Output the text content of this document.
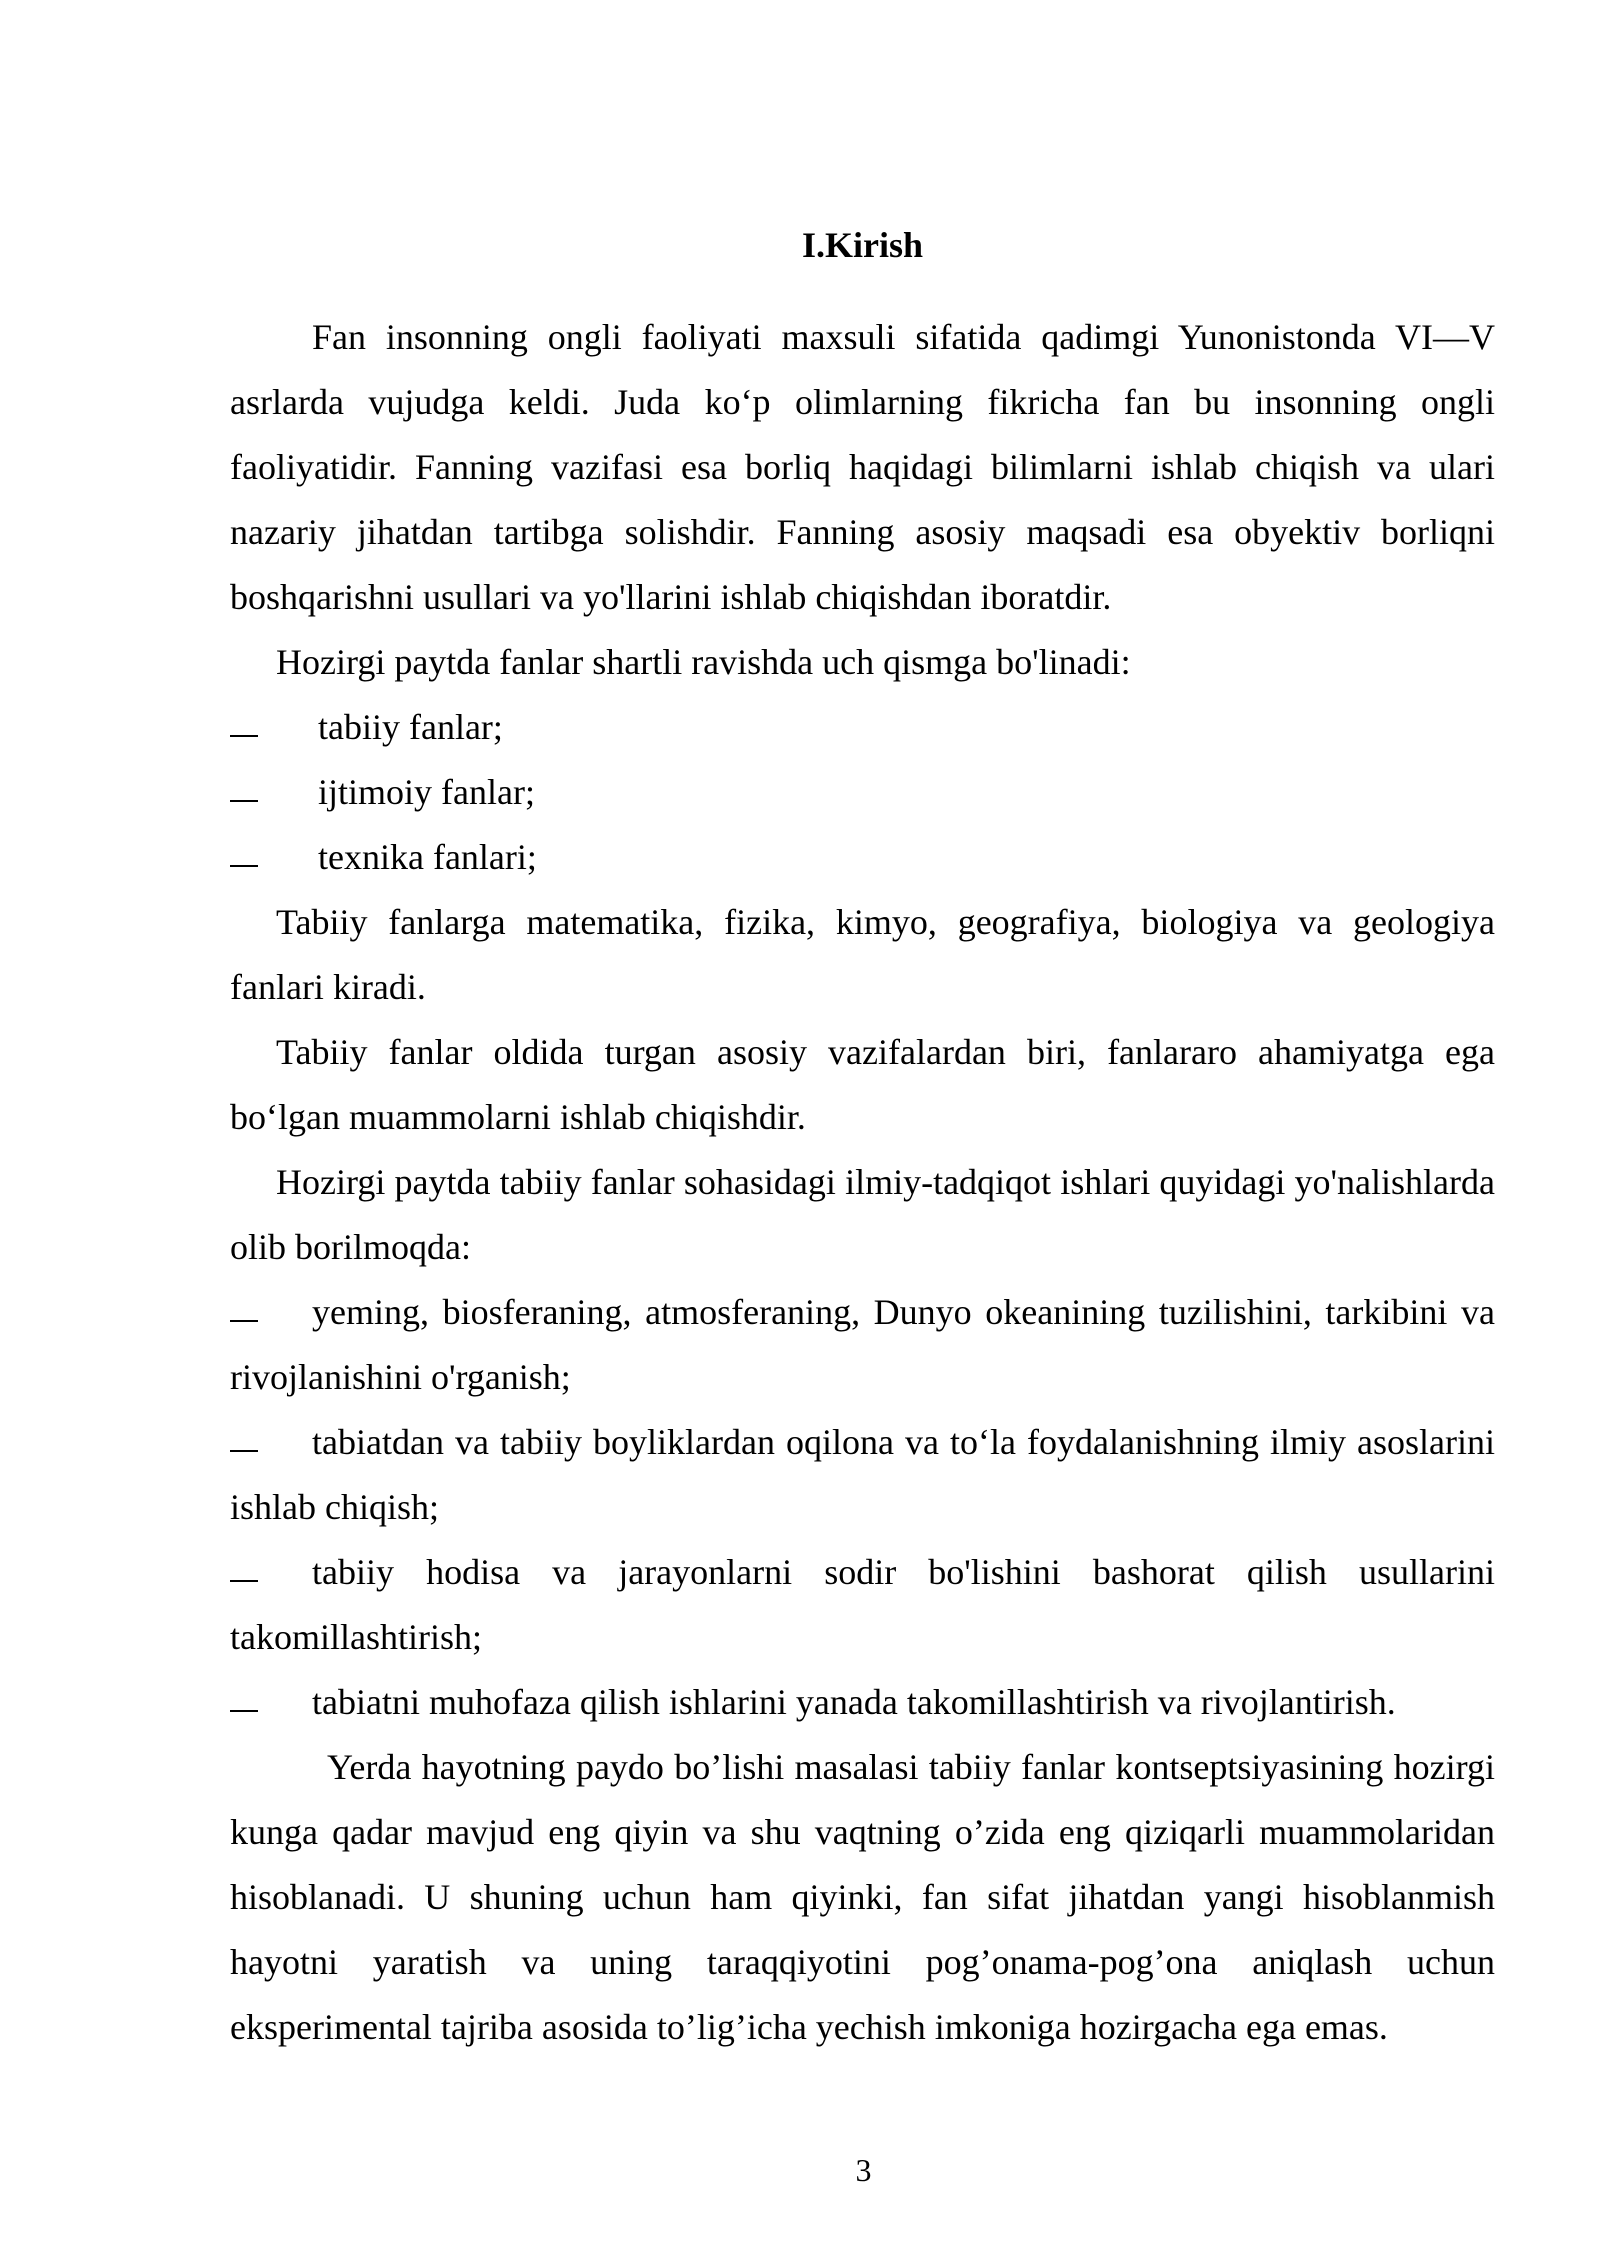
I.Kirish

Fan insonning ongli faoliyati maxsuli sifatida qadimgi Yunonistonda VI—V asrlarda vujudga keldi. Juda ko‘p olimlarning fikricha fan bu insonning ongli faoliyatidir. Fanning vazifasi esa borliq haqidagi bilimlarni ishlab chiqish va ulari nazariy jihatdan tartibga solishdir. Fanning asosiy maqsadi esa obyektiv borliqni boshqarishni usullari va yo'llarini ishlab chiqishdan iboratdir.

Hozirgi paytda fanlar shartli ravishda uch qismga bo'linadi:

tabiiy fanlar;

ijtimoiy fanlar;

texnika fanlari;

Tabiiy fanlarga matematika, fizika, kimyo, geografiya, biologiya va geologiya fanlari kiradi.

Tabiiy fanlar oldida turgan asosiy vazifalardan biri, fanlararo ahamiyatga ega bo‘lgan muammolarni ishlab chiqishdir.

Hozirgi paytda tabiiy fanlar sohasidagi ilmiy-tadqiqot ishlari quyidagi yo'nalishlarda olib borilmoqda:

yeming, biosferaning, atmosferaning, Dunyo okeanining tuzilishini, tarkibini va rivojlanishini o'rganish;

tabiatdan va tabiiy boyliklardan oqilona va to‘la foydalanishning ilmiy asoslarini ishlab chiqish;

tabiiy hodisa va jarayonlarni sodir bo'lishini bashorat qilish usullarini takomillashtirish;

tabiatni muhofaza qilish ishlarini yanada takomillashtirish va rivojlantirish.

Yerda hayotning paydo bo’lishi masalasi tabiiy fanlar kontseptsiyasining hozirgi kunga qadar mavjud eng qiyin va shu vaqtning o’zida eng qiziqarli muammolaridan hisoblanadi. U shuning uchun ham qiyinki, fan sifat jihatdan yangi hisoblanmish hayotni yaratish va uning taraqqiyotini pog’onama-pog’ona aniqlash uchun eksperimental tajriba asosida to’lig’icha yechish imkoniga hozirgacha ega emas.

3
